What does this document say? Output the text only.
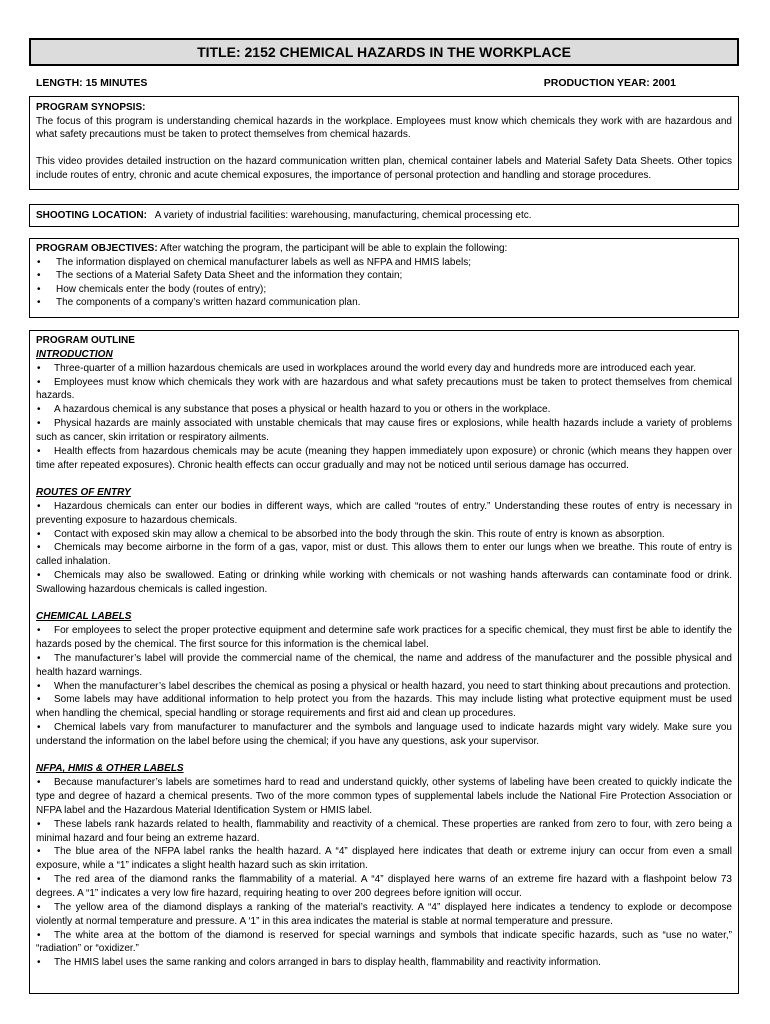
TITLE: 2152 CHEMICAL HAZARDS IN THE WORKPLACE
LENGTH: 15 MINUTES	PRODUCTION YEAR: 2001
PROGRAM SYNOPSIS:

The focus of this program is understanding chemical hazards in the workplace. Employees must know which chemicals they work with are hazardous and what safety precautions must be taken to protect themselves from chemical hazards.

This video provides detailed instruction on the hazard communication written plan, chemical container labels and Material Safety Data Sheets. Other topics include routes of entry, chronic and acute chemical exposures, the importance of personal protection and handling and storage procedures.

SHOOTING LOCATION: A variety of industrial facilities: warehousing, manufacturing, chemical processing etc.
PROGRAM OBJECTIVES: After watching the program, the participant will be able to explain the following:
•	The information displayed on chemical manufacturer labels as well as NFPA and HMIS labels;
•	The sections of a Material Safety Data Sheet and the information they contain;
•	How chemicals enter the body (routes of entry);
•	The components of a company’s written hazard communication plan.
PROGRAM OUTLINE
INTRODUCTION

• Three-quarter of a million hazardous chemicals are used in workplaces around the world every day and hundreds more are introduced each year.

• Employees must know which chemicals they work with are hazardous and what safety precautions must be taken to protect themselves from chemical hazards.

• A hazardous chemical is any substance that poses a physical or health hazard to you or others in the workplace.

• Physical hazards are mainly associated with unstable chemicals that may cause fires or explosions, while health hazards include a variety of problems such as cancer, skin irritation or respiratory ailments.

• Health effects from hazardous chemicals may be acute (meaning they happen immediately upon exposure) or chronic (which means they happen over time after repeated exposures). Chronic health effects can occur gradually and may not be noticed until serious damage has occurred.

ROUTES OF ENTRY

• Hazardous chemicals can enter our bodies in different ways, which are called “routes of entry.” Understanding these routes of entry is necessary in preventing exposure to hazardous chemicals.

• Contact with exposed skin may allow a chemical to be absorbed into the body through the skin. This route of entry is known as absorption.

• Chemicals may become airborne in the form of a gas, vapor, mist or dust. This allows them to enter our lungs when we breathe. This route of entry is called inhalation.

• Chemicals may also be swallowed. Eating or drinking while working with chemicals or not washing hands afterwards can contaminate food or drink. Swallowing hazardous chemicals is called ingestion.

CHEMICAL LABELS

• For employees to select the proper protective equipment and determine safe work practices for a specific chemical, they must first be able to identify the hazards posed by the chemical. The first source for this information is the chemical label.

• The manufacturer’s label will provide the commercial name of the chemical, the name and address of the manufacturer and the possible physical and health hazard warnings.

• When the manufacturer’s label describes the chemical as posing a physical or health hazard, you need to start thinking about precautions and protection.

• Some labels may have additional information to help protect you from the hazards. This may include listing what protective equipment must be used when handling the chemical, special handling or storage requirements and first aid and clean up procedures.

• Chemical labels vary from manufacturer to manufacturer and the symbols and language used to indicate hazards might vary widely. Make sure you understand the information on the label before using the chemical; if you have any questions, ask your supervisor.

NFPA, HMIS & OTHER LABELS

• Because manufacturer’s labels are sometimes hard to read and understand quickly, other systems of labeling have been created to quickly indicate the type and degree of hazard a chemical presents. Two of the more common types of supplemental labels include the National Fire Protection Association or NFPA label and the Hazardous Material Identification System or HMIS label.

• These labels rank hazards related to health, flammability and reactivity of a chemical. These properties are ranked from zero to four, with zero being a minimal hazard and four being an extreme hazard.

• The blue area of the NFPA label ranks the health hazard. A “4” displayed here indicates that death or extreme injury can occur from even a small exposure, while a “1” indicates a slight health hazard such as skin irritation.

• The red area of the diamond ranks the flammability of a material. A “4” displayed here warns of an extreme fire hazard with a flashpoint below 73 degrees. A “1” indicates a very low fire hazard, requiring heating to over 200 degrees before ignition will occur.

• The yellow area of the diamond displays a ranking of the material’s reactivity. A “4” displayed here indicates a tendency to explode or decompose violently at normal temperature and pressure. A ‘1” in this area indicates the material is stable at normal temperature and pressure.

• The white area at the bottom of the diamond is reserved for special warnings and symbols that indicate specific hazards, such as “use no water,” “radiation” or “oxidizer.”

• The HMIS label uses the same ranking and colors arranged in bars to display health, flammability and reactivity information.
